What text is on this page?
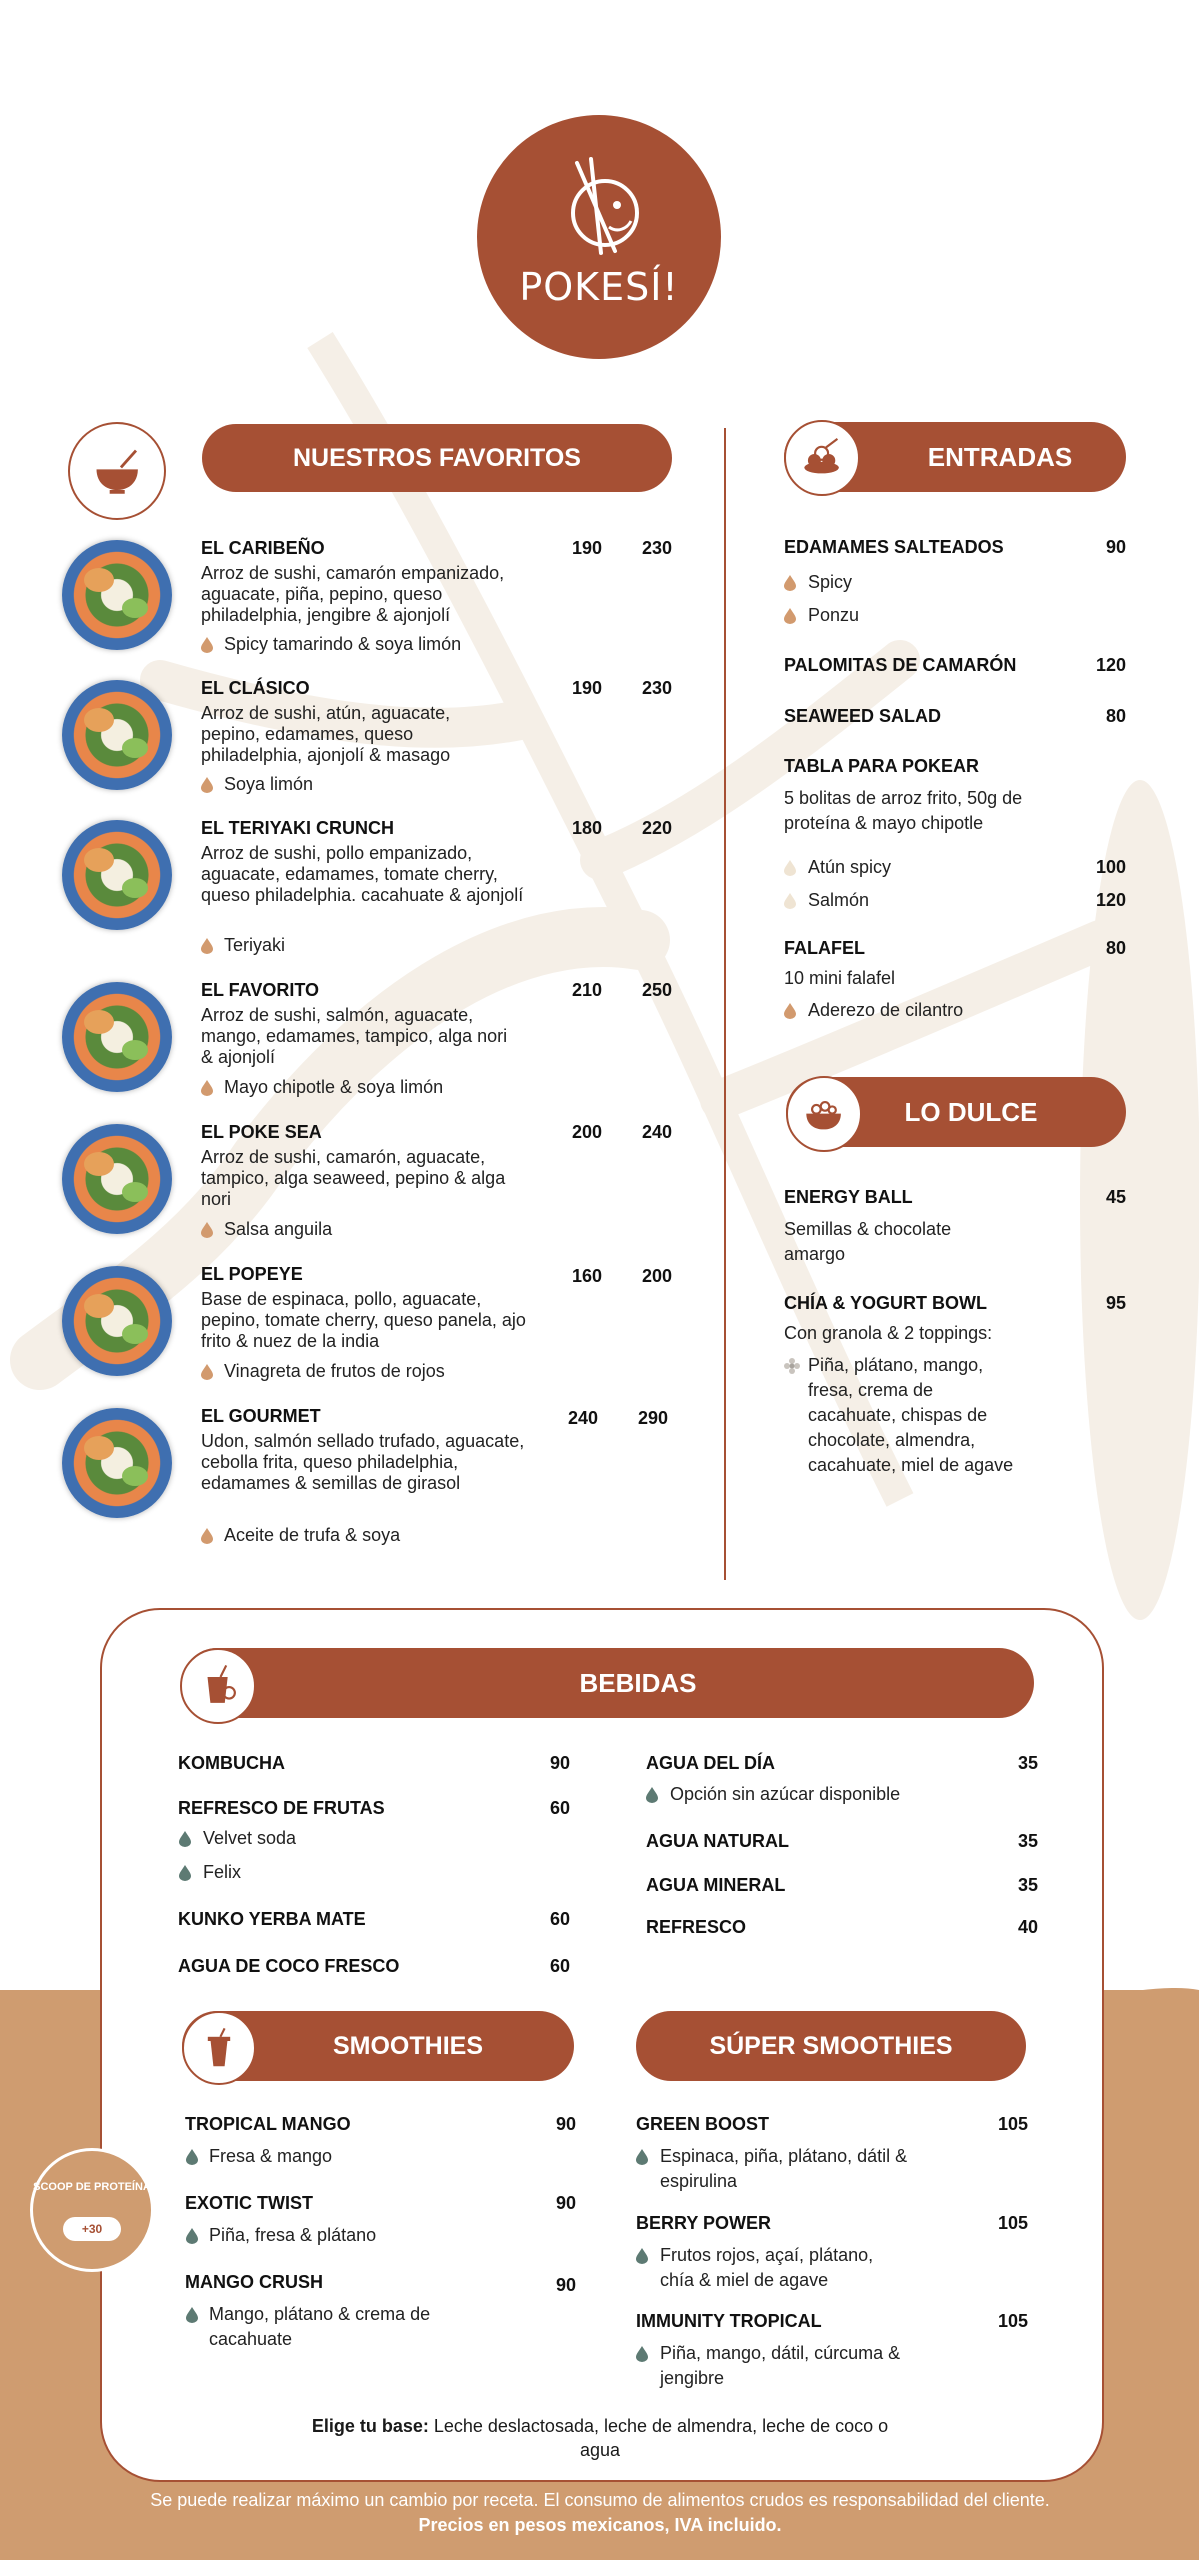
POKESÍ!
NUESTROS FAVORITOS
EL CARIBEÑO	190	230
Arroz de sushi, camarón empanizado, aguacate, piña, pepino, queso philadelphia, jengibre & ajonjolí
Spicy tamarindo & soya limón
EL CLÁSICO	190	230
Arroz de sushi, atún, aguacate, pepino, edamames, queso philadelphia, ajonjolí & masago
Soya limón
EL TERIYAKI CRUNCH	180	220
Arroz de sushi, pollo empanizado, aguacate, edamames, tomate cherry, queso philadelphia. cacahuate & ajonjolí
Teriyaki
EL FAVORITO	210	250
Arroz de sushi, salmón, aguacate, mango, edamames, tampico, alga nori & ajonjolí
Mayo chipotle & soya limón
EL POKE SEA	200	240
Arroz de sushi, camarón, aguacate, tampico, alga seaweed, pepino & alga nori
Salsa anguila
EL POPEYE	160	200
Base de espinaca, pollo, aguacate, pepino, tomate cherry, queso panela, ajo frito & nuez de la india
Vinagreta de frutos de rojos
EL GOURMET	240	290
Udon, salmón sellado trufado, aguacate, cebolla frita, queso philadelphia, edamames & semillas de girasol
Aceite de trufa & soya
ENTRADAS
EDAMAMES SALTEADOS	90
Spicy
Ponzu
PALOMITAS DE CAMARÓN	120
SEAWEED SALAD	80
TABLA PARA POKEAR
5 bolitas de arroz frito, 50g de proteína & mayo chipotle
Atún spicy	100
Salmón	120
FALAFEL	80
10 mini falafel
Aderezo de cilantro
LO DULCE
ENERGY BALL	45
Semillas & chocolate amargo
CHÍA & YOGURT BOWL	95
Con granola & 2 toppings:
Piña, plátano, mango, fresa, crema de cacahuate, chispas de chocolate, almendra, cacahuate, miel de agave
BEBIDAS
KOMBUCHA	90
REFRESCO DE FRUTAS	60
Velvet soda
Felix
KUNKO YERBA MATE	60
AGUA DE COCO FRESCO	60
AGUA DEL DÍA	35
Opción sin azúcar disponible
AGUA NATURAL	35
AGUA MINERAL	35
REFRESCO	40
SMOOTHIES	SÚPER SMOOTHIES
TROPICAL MANGO	90
Fresa & mango
EXOTIC TWIST	90
Piña, fresa & plátano
MANGO CRUSH	90
Mango, plátano & crema de cacahuate
GREEN BOOST	105
Espinaca, piña, plátano, dátil & espirulina
BERRY POWER	105
Frutos rojos, açaí, plátano, chía & miel de agave
IMMUNITY TROPICAL	105
Piña, mango, dátil, cúrcuma & jengibre
Elige tu base: Leche deslactosada, leche de almendra, leche de coco o agua
SCOOP DE PROTEÍNA
+30
Se puede realizar máximo un cambio por receta. El consumo de alimentos crudos es responsabilidad del cliente. Precios en pesos mexicanos, IVA incluido.
